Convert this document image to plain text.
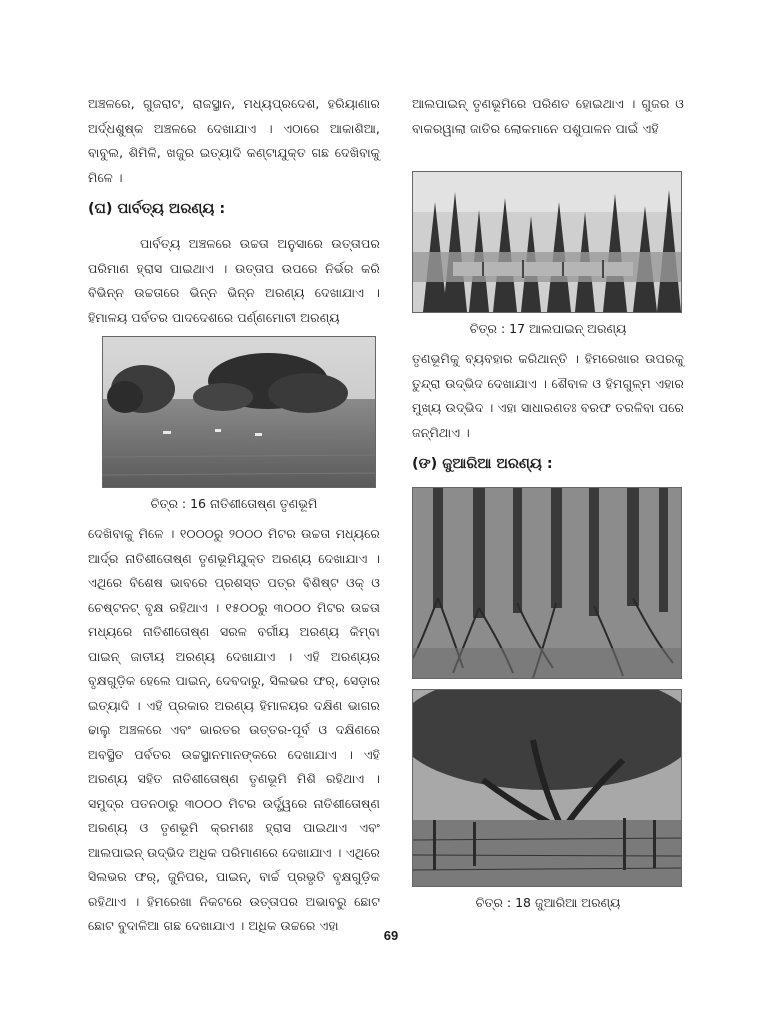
ଅଞ୍ଚଳରେ, ଗୁଜରାଟ, ରାଜସ୍ଥାନ, ମଧ୍ୟପ୍ରଦେଶ, ହରିୟାଣାର ଅର୍ଦ୍ଧଶୁଷ୍କ ଅଞ୍ଚଳରେ ଦେଖାଯାଏ । ଏଠାରେ ଆକାଶିଆ, ବାବୁଲ, ଶିମିଳି, ଖଜୁର ଇତ୍ୟାଦି କଣ୍ଟାଯୁକ୍ତ ଗଛ ଦେଖିବାକୁ ମିଳେ ।

(ଘ) ପାର୍ବତ୍ୟ ଅରଣ୍ୟ :

ପାର୍ବତ୍ୟ ଅଞ୍ଚଳରେ ଉଚ୍ଚତା ଅନୁସାରେ ଉତ୍ତାପର ପରିମାଣ ହ୍ରାସ ପାଇଥାଏ । ଉତ୍ତାପ ଉପରେ ନିର୍ଭର କରି ବିଭିନ୍ନ ଉଚ୍ଚତାରେ ଭିନ୍ନ ଭିନ୍ନ ଅରଣ୍ୟ ଦେଖାଯାଏ । ହିମାଳୟ ପର୍ବତର ପାଦଦେଶରେ ପର୍ଣ୍ଣମୋଚୀ ଅରଣ୍ୟ

ଚିତ୍ର : 16 ନାତିଶୀତୋଷ୍ଣ ତୃଣଭୂମି

ଦେଖିବାକୁ ମିଳେ । ୧୦୦୦ରୁ ୨୦୦୦ ମିଟର ଉଚ୍ଚତା ମଧ୍ୟରେ ଆର୍ଦ୍ର ନାତିଶୀତୋଷ୍ଣ ତୃଣଭୂମିଯୁକ୍ତ ଅରଣ୍ୟ ଦେଖାଯାଏ । ଏଥିରେ ବିଶେଷ ଭାବରେ ପ୍ରଶସ୍ତ ପତ୍ର ବିଶିଷ୍ଟ ଓକ୍ ଓ ଚେଷ୍ଟନଟ୍ ବୃକ୍ଷ ରହିଥାଏ । ୧୫୦୦ରୁ ୩୦୦୦ ମିଟର ଉଚ୍ଚତା ମଧ୍ୟରେ ନାତିଶୀତୋଷ୍ଣ ସରଳ ବର୍ଗୀୟ ଅରଣ୍ୟ କିମ୍ବା ପାଇନ୍ ଜାତୀୟ ଅରଣ୍ୟ ଦେଖାଯାଏ । ଏହି ଅରଣ୍ୟର ବୃକ୍ଷଗୁଡ଼ିକ ହେଲେ ପାଇନ୍, ଦେବଦାରୁ, ସିଲଭର ଫର୍, ସେଡ଼ାର ଇତ୍ୟାଦି । ଏହି ପ୍ରକାର ଅରଣ୍ୟ ହିମାଳୟର ଦକ୍ଷିଣ ଭାଗର ଢାଲୁ ଅଞ୍ଚଳରେ ଏବଂ ଭାରତର ଉତ୍ତର-ପୂର୍ବ ଓ ଦକ୍ଷିଣରେ ଅବସ୍ଥିତ ପର୍ବତର ଉଚ୍ଚସ୍ଥାନମାନଙ୍କରେ ଦେଖାଯାଏ । ଏହି ଅରଣ୍ୟ ସହିତ ନାତିଶୀତୋଷ୍ଣ ତୃଣଭୂମି ମିଶି ରହିଥାଏ । ସମୁଦ୍ର ପତନଠାରୁ ୩୦୦୦ ମିଟର ଉର୍ଦ୍ଧ୍ୱରେ ନାତିଶୀତୋଷ୍ଣ ଅରଣ୍ୟ ଓ ତୃଣଭୂମି କ୍ରମଶଃ ହ୍ରାସ ପାଇଥାଏ ଏବଂ ଆଲପାଇନ୍ ଉଦ୍ଭିଦ ଅଧିକ ପରିମାଣରେ ଦେଖାଯାଏ । ଏଥିରେ ସିଲଭର ଫର୍, ଜୁନିପର, ପାଇନ୍, ବାର୍ଚ୍ଚ ପ୍ରଭୃତି ବୃକ୍ଷଗୁଡ଼ିକ ରହିଥାଏ । ହିମରେଖା ନିକଟରେ ଉତ୍ତାପର ଅଭାବରୁ ଛୋଟ ଛୋଟ ବୁଦାଳିଆ ଗଛ ଦେଖାଯାଏ । ଅଧିକ ଉଚ୍ଚରେ ଏହା

ଆଲପାଇନ୍ ତୃଣଭୂମିରେ ପରିଣତ ହୋଇଥାଏ । ଗୁଜର ଓ ବାକରୱାଲା ଜାତିର ଲୋକମାନେ ପଶୁପାଳନ ପାଇଁ ଏହି

ଚିତ୍ର : 17 ଆଲପାଇନ୍ ଅରଣ୍ୟ

ତୃଣଭୂମିକୁ ବ୍ୟବହାର କରିଥାନ୍ତି । ହିମରେଖାର ଉପରକୁ ତୁନ୍ଦ୍ରା ଉଦ୍ଭିଦ ଦେଖାଯାଏ । ଶୈବାଳ ଓ ହିମଗୁଳ୍ମ ଏହାର ମୁଖ୍ୟ ଉଦ୍ଭିଦ । ଏହା ସାଧାରଣତଃ ବରଫ ତରଳିବା ପରେ ଜନ୍ମିଥାଏ ।

(ଙ) ଜୁଆରିଆ ଅରଣ୍ୟ :
ଚିତ୍ର : 18 ଜୁଆରିଆ ଅରଣ୍ୟ
69
